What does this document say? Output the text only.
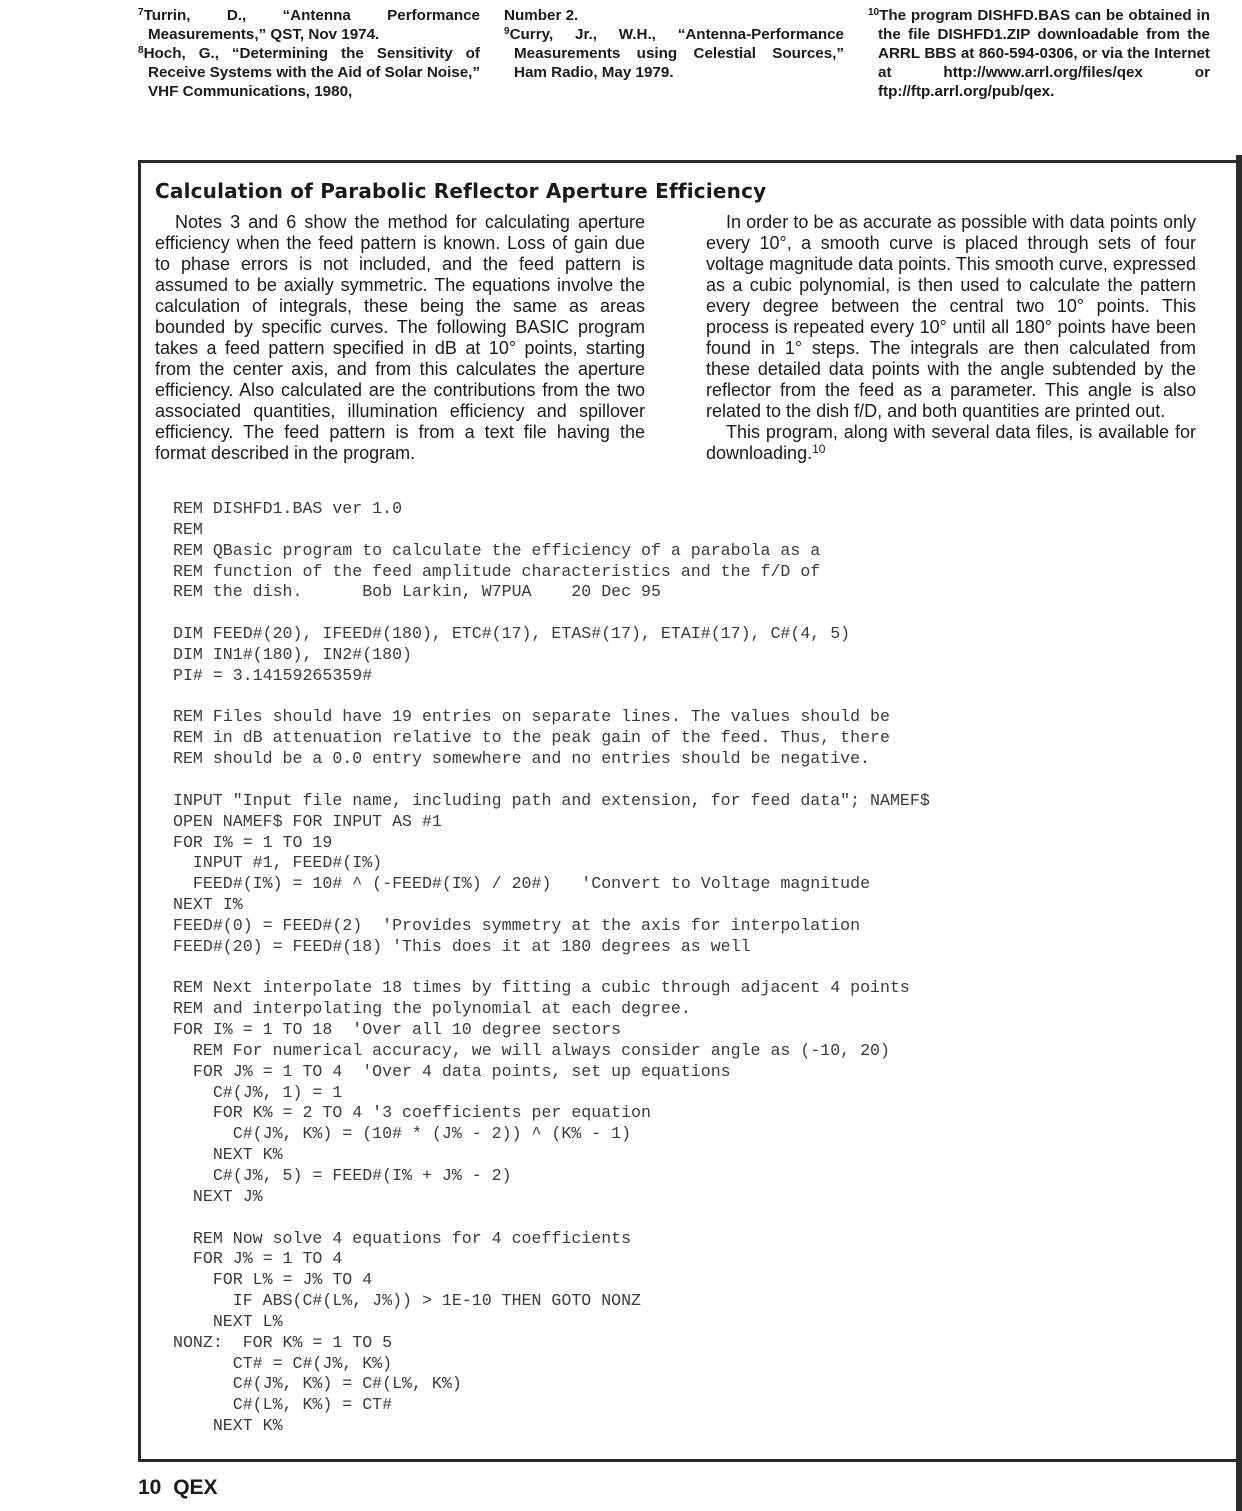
$^7$Turrin, D., “Antenna Performance Measurements,” QST, Nov 1974.

$^8$Hoch, G., “Determining the Sensitivity of Receive Systems with the Aid of Solar Noise,” VHF Communications, 1980,

Number 2.

$^9$Curry, Jr., W.H., “Antenna-Performance Measurements using Celestial Sources,” Ham Radio, May 1979.

$^{10}$The program DISHFD.BAS can be obtained in the file DISHFD1.ZIP downloadable from the ARRL BBS at 860-594-0306, or via the Internet at http://www.arrl.org/files/qex or ftp://ftp.arrl.org/pub/qex.

Calculation of Parabolic Reflector Aperture Efficiency

Notes 3 and 6 show the method for calculating aperture efficiency when the feed pattern is known. Loss of gain due to phase errors is not included, and the feed pattern is assumed to be axially symmetric. The equations involve the calculation of integrals, these being the same as areas bounded by specific curves. The following BASIC program takes a feed pattern specified in dB at 10° points, starting from the center axis, and from this calculates the aperture efficiency. Also calculated are the contributions from the two associated quantities, illumination efficiency and spillover efficiency. The feed pattern is from a text file having the format described in the program.

In order to be as accurate as possible with data points only every 10°, a smooth curve is placed through sets of four voltage magnitude data points. This smooth curve, expressed as a cubic polynomial, is then used to calculate the pattern every degree between the central two 10° points. This process is repeated every 10° until all 180° points have been found in 1° steps. The integrals are then calculated from these detailed data points with the angle subtended by the reflector from the feed as a parameter. This angle is also related to the dish f/D, and both quantities are printed out.

This program, along with several data files, is available for downloading.$^{10}$

REM DISHFD1.BAS ver 1.0
REM
REM QBasic program to calculate the efficiency of a parabola as a
REM function of the feed amplitude characteristics and the f/D of
REM the dish.      Bob Larkin, W7PUA    20 Dec 95
DIM FEED#(20), IFEED#(180), ETC#(17), ETAS#(17), ETAI#(17), C#(4, 5)
DIM IN1#(180), IN2#(180)
PI# = 3.14159265359#
REM Files should have 19 entries on separate lines. The values should be
REM in dB attenuation relative to the peak gain of the feed. Thus, there
REM should be a 0.0 entry somewhere and no entries should be negative.
INPUT "Input file name, including path and extension, for feed data"; NAMEF$
OPEN NAMEF$ FOR INPUT AS #1
FOR I% = 1 TO 19
INPUT #1, FEED#(I%)
FEED#(I%) = 10# ^ (-FEED#(I%) / 20#)   'Convert to Voltage magnitude
NEXT I%
FEED#(0) = FEED#(2)  'Provides symmetry at the axis for interpolation
FEED#(20) = FEED#(18) 'This does it at 180 degrees as well
REM Next interpolate 18 times by fitting a cubic through adjacent 4 points
REM and interpolating the polynomial at each degree.
FOR I% = 1 TO 18  'Over all 10 degree sectors
REM For numerical accuracy, we will always consider angle as (-10, 20)
FOR J% = 1 TO 4  'Over 4 data points, set up equations
C#(J%, 1) = 1
FOR K% = 2 TO 4 '3 coefficients per equation
C#(J%, K%) = (10# * (J% - 2)) ^ (K% - 1)
NEXT K%
C#(J%, 5) = FEED#(I% + J% - 2)
NEXT J%
REM Now solve 4 equations for 4 coefficients
FOR J% = 1 TO 4
FOR L% = J% TO 4
IF ABS(C#(L%, J%)) > 1E-10 THEN GOTO NONZ
NEXT L%
NONZ:  FOR K% = 1 TO 5
CT# = C#(J%, K%)
C#(J%, K%) = C#(L%, K%)
C#(L%, K%) = CT#
NEXT K%
10 QEX
